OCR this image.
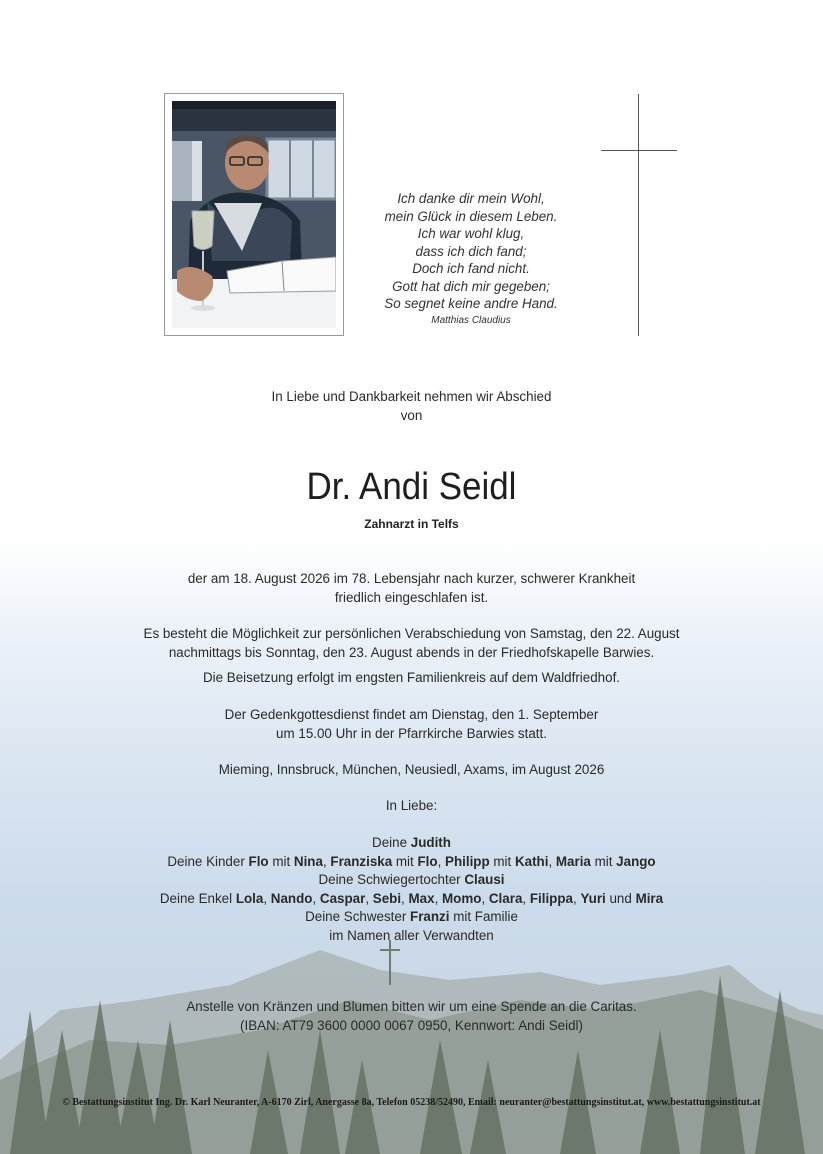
Ich danke dir mein Wohl,
mein Glück in diesem Leben.
Ich war wohl klug,
dass ich dich fand;
Doch ich fand nicht.
Gott hat dich mir gegeben;
So segnet keine andre Hand.
Matthias Claudius
In Liebe und Dankbarkeit nehmen wir Abschied
von
Dr. Andi Seidl
Zahnarzt in Telfs
der am 18. August 2026 im 78. Lebensjahr nach kurzer, schwerer Krankheit
friedlich eingeschlafen ist.
Es besteht die Möglichkeit zur persönlichen Verabschiedung von Samstag, den 22. August
nachmittags bis Sonntag, den 23. August abends in der Friedhofskapelle Barwies.
Die Beisetzung erfolgt im engsten Familienkreis auf dem Waldfriedhof.
Der Gedenkgottesdienst findet am Dienstag, den 1. September
um 15.00 Uhr in der Pfarrkirche Barwies statt.
Mieming, Innsbruck, München, Neusiedl, Axams, im August 2026
In Liebe:
Deine Judith
Deine Kinder Flo mit Nina, Franziska mit Flo, Philipp mit Kathi, Maria mit Jango
Deine Schwiegertochter Clausi
Deine Enkel Lola, Nando, Caspar, Sebi, Max, Momo, Clara, Filippa, Yuri und Mira
Deine Schwester Franzi mit Familie
im Namen aller Verwandten
Anstelle von Kränzen und Blumen bitten wir um eine Spende an die Caritas.
(IBAN: AT79 3600 0000 0067 0950, Kennwort: Andi Seidl)
© Bestattungsinstitut Ing. Dr. Karl Neuranter, A-6170 Zirl, Anergasse 8a, Telefon 05238/52490, Email: neuranter@bestattungsinstitut.at, www.bestattungsinstitut.at
